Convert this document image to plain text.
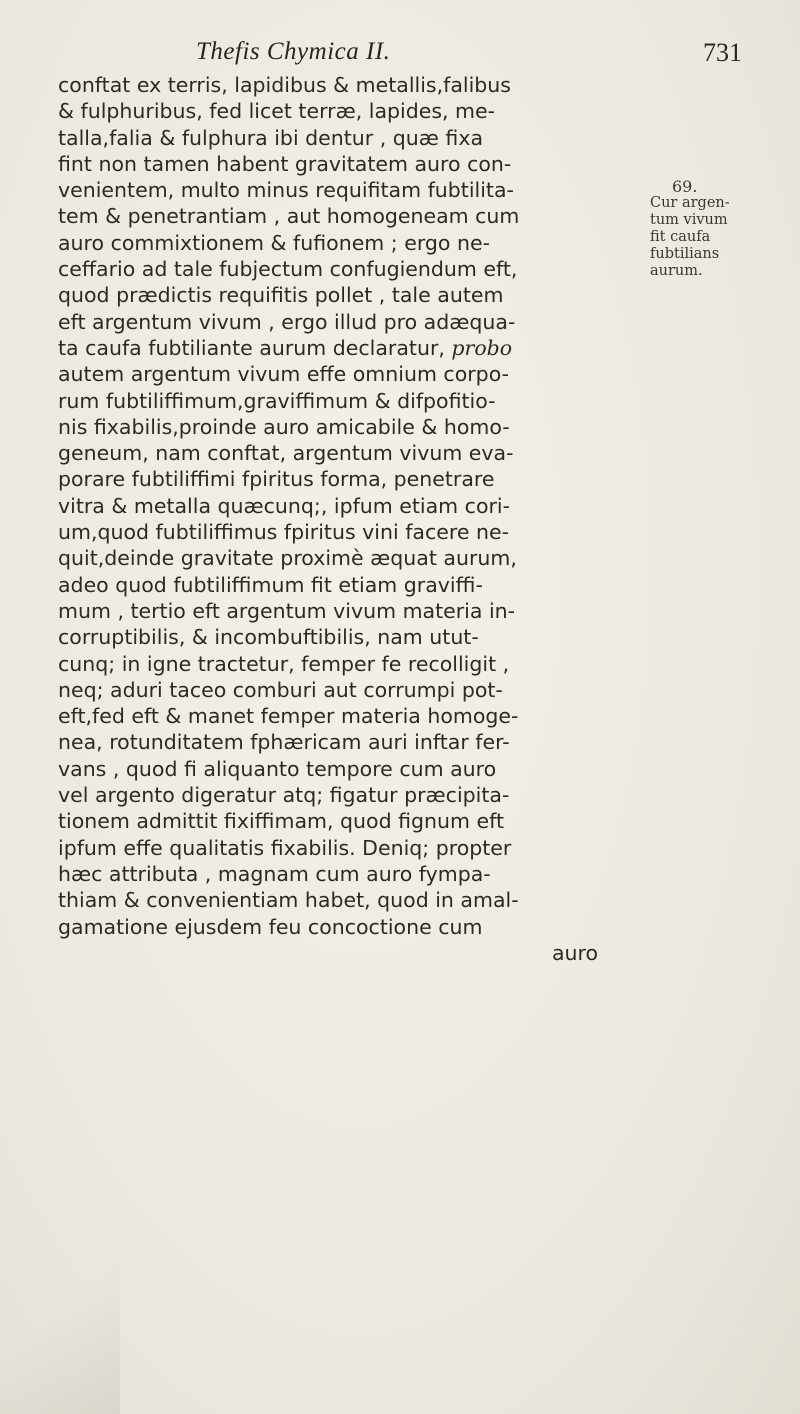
Thefis Chymica II.	731
conftat ex terris, lapidibus & metallis,falibus
& fulphuribus, fed licet terræ, lapides, me-
talla,falia & fulphura ibi dentur , quæ fixa
fint non tamen habent gravitatem auro con-
venientem, multo minus requifitam fubtilita-
tem & penetrantiam , aut homogeneam cum
auro commixtionem & fufionem ; ergo ne-
ceffario ad tale fubjectum confugiendum eft,
quod prædictis requifitis pollet , tale autem
eft argentum vivum , ergo illud pro adæqua-
ta caufa fubtiliante aurum declaratur, probo
autem argentum vivum effe omnium corpo-
rum fubtiliffimum,graviffimum & difpofitio-
nis fixabilis,proinde auro amicabile & homo-
geneum, nam conftat, argentum vivum eva-
porare fubtiliffimi fpiritus forma, penetrare
vitra & metalla quæcunq;, ipfum etiam cori-
um,quod fubtiliffimus fpiritus vini facere ne-
quit,deinde gravitate proximè æquat aurum,
adeo quod fubtiliffimum fit etiam graviffi-
mum , tertio eft argentum vivum materia in-
corruptibilis, & incombuftibilis, nam utut-
cunq; in igne tractetur, femper fe recolligit ,
neq; aduri taceo comburi aut corrumpi pot-
eft,fed eft & manet femper materia homoge-
nea, rotunditatem fphæricam auri inftar fer-
vans , quod fi aliquanto tempore cum auro
vel argento digeratur atq; figatur præcipita-
tionem admittit fixiffimam, quod fignum eft
ipfum effe qualitatis fixabilis. Deniq; propter
hæc attributa , magnam cum auro fympa-
thiam & convenientiam habet, quod in amal-
gamatione ejusdem feu concoctione cum
auro
69.
Cur argen-
tum vivum
fit caufa
fubtilians
aurum.
